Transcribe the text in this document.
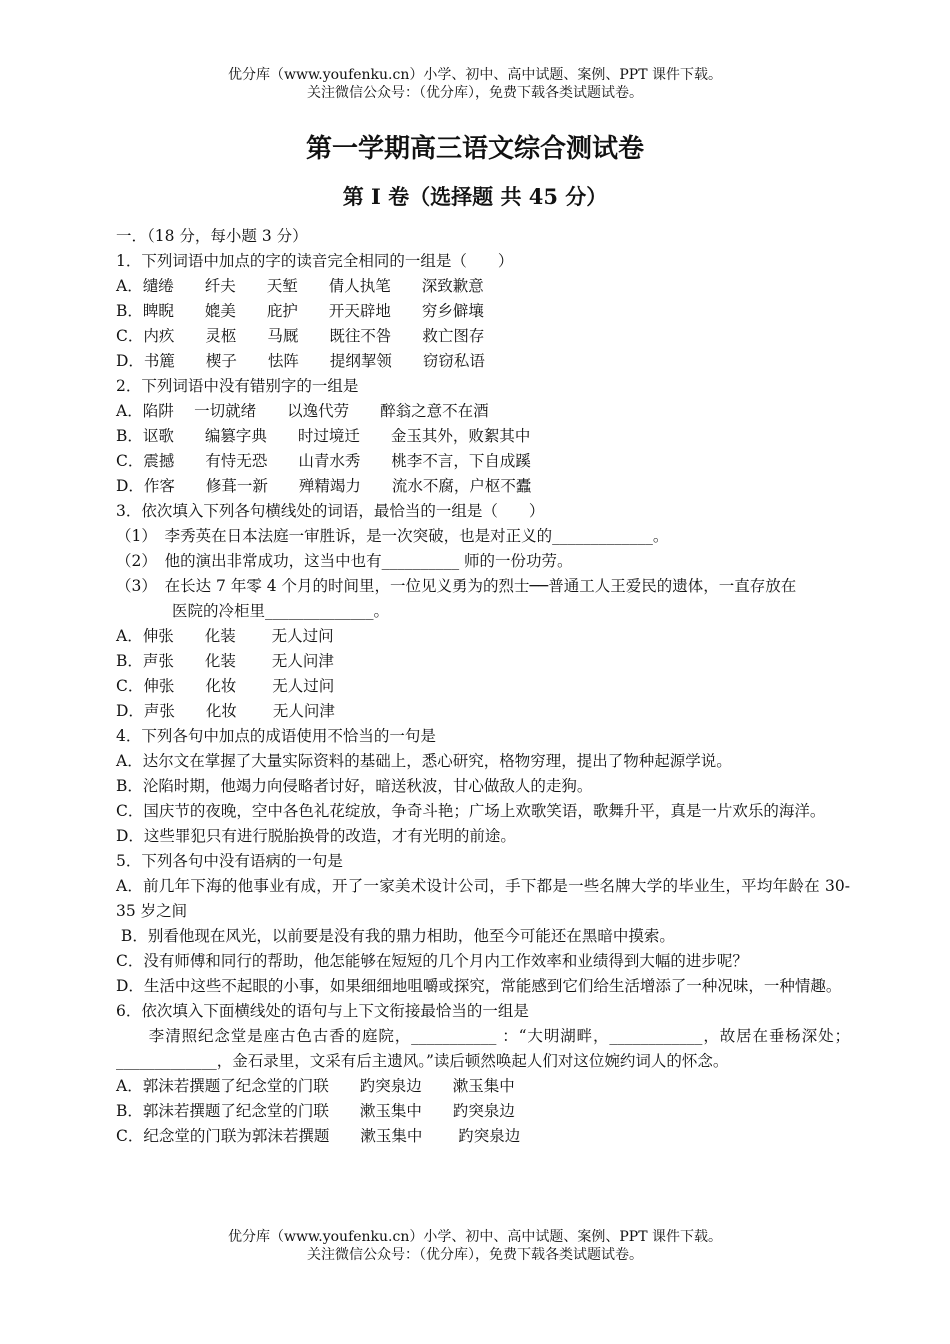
优分库（www.youfenku.cn）小学、初中、高中试题、案例、PPT 课件下载。
关注微信公众号：（优分库），免费下载各类试题试卷。
第一学期高三语文综合测试卷
第 I 卷（选择题 共 45 分）
一．（18 分，每小题 3 分）
1．下列词语中加点的字的读音完全相同的一组是（　　）
A．缱绻　　纤夫　　天堑　　倩人执笔　　深致歉意
B．睥睨　　媲美　　庇护　　开天辟地　　穷乡僻壤
C．内疚　　灵柩　　马厩　　既往不咎　　救亡图存
D．书簏　　楔子　　怯阵　　提纲挈领　　窃窃私语
2．下列词语中没有错别字的一组是
A．陷阱　 一切就绪　　以逸代劳　　醉翁之意不在酒
B．讴歌　　编篡字典　　时过境迁　　金玉其外，败絮其中
C．震撼　　有恃无恐　　山青水秀　　桃李不言，下自成蹊
D．作客　　修葺一新　　殚精竭力　　流水不腐，户枢不蠹
3．依次填入下列各句横线处的词语，最恰当的一组是（　　）
（1）　李秀英在日本法庭一审胜诉，是一次突破，也是对正义的_____________。
（2）　他的演出非常成功，这当中也有__________ 师的一份功劳。
（3）　在长达 7 年零 4 个月的时间里，一位见义勇为的烈士──普通工人王爱民的遗体，一直存放在
医院的冷柜里______________。
A．伸张　　化装　　 无人过问
B．声张　　化装　　 无人问津
C．伸张　　化妆　　 无人过问
D．声张　　化妆　　 无人问津
4．下列各句中加点的成语使用不恰当的一句是
A．达尔文在掌握了大量实际资料的基础上，悉心研究，格物穷理，提出了物种起源学说。
B．沦陷时期，他竭力向侵略者讨好，暗送秋波，甘心做敌人的走狗。
C．国庆节的夜晚，空中各色礼花绽放，争奇斗艳；广场上欢歌笑语，歌舞升平，真是一片欢乐的海洋。
D．这些罪犯只有进行脱胎换骨的改造，才有光明的前途。
5．下列各句中没有语病的一句是
A．前几年下海的他事业有成，开了一家美术设计公司，手下都是一些名牌大学的毕业生，平均年龄在 30-35 岁之间
B．别看他现在风光，以前要是没有我的鼎力相助，他至今可能还在黑暗中摸索。
C．没有师傅和同行的帮助，他怎能够在短短的几个月内工作效率和业绩得到大幅的进步呢？
D．生活中这些不起眼的小事，如果细细地咀嚼或探究，常能感到它们给生活增添了一种况味，一种情趣。
6．依次填入下面横线处的语句与上下文衔接最恰当的一组是
　　李清照纪念堂是座古色古香的庭院，___________ ：“大明湖畔，____________，故居在垂杨深处；_____________，金石录里，文采有后主遗风。”读后顿然唤起人们对这位婉约词人的怀念。
A．郭沫若撰题了纪念堂的门联　　趵突泉边　　漱玉集中
B．郭沫若撰题了纪念堂的门联　　漱玉集中　　趵突泉边
C．纪念堂的门联为郭沫若撰题　　漱玉集中　　 趵突泉边
优分库（www.youfenku.cn）小学、初中、高中试题、案例、PPT 课件下载。
关注微信公众号：（优分库），免费下载各类试题试卷。
